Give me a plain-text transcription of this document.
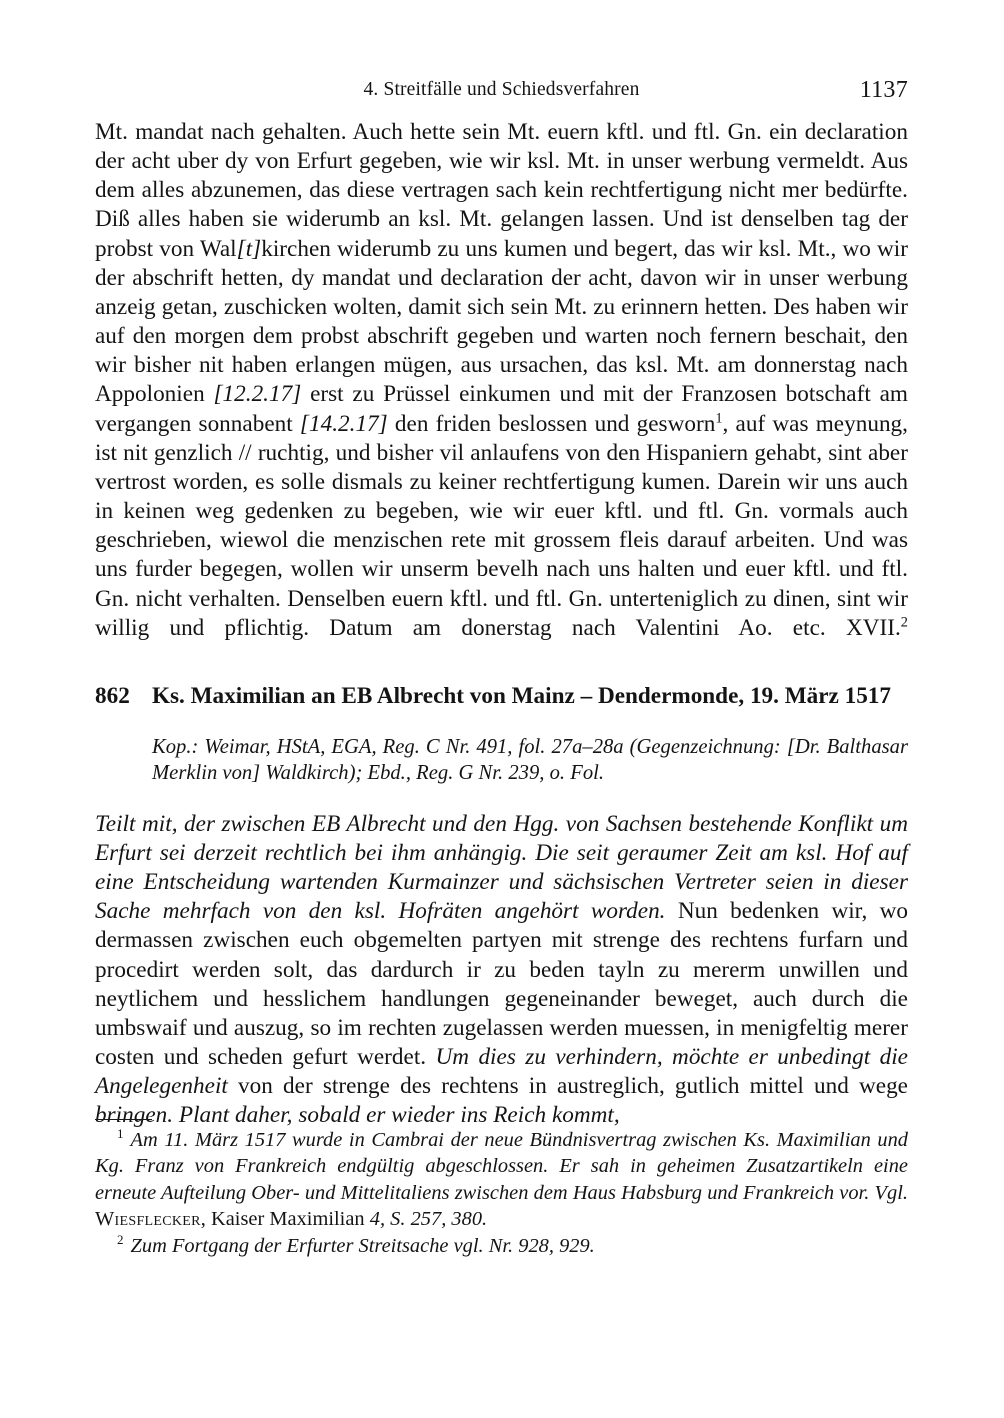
4. Streitfälle und Schiedsverfahren	1137

Mt. mandat nach gehalten. Auch hette sein Mt. euern kftl. und ftl. Gn. ein declaration der acht uber dy von Erfurt gegeben, wie wir ksl. Mt. in unser werbung vermeldt. Aus dem alles abzunemen, das diese vertragen sach kein rechtfertigung nicht mer bedürfte. Diß alles haben sie widerumb an ksl. Mt. gelangen lassen. Und ist denselben tag der probst von Wal[t]kirchen widerumb zu uns kumen und begert, das wir ksl. Mt., wo wir der abschrift hetten, dy mandat und declaration der acht, davon wir in unser werbung anzeig getan, zuschicken wolten, damit sich sein Mt. zu erinnern hetten. Des haben wir auf den morgen dem probst abschrift gegeben und warten noch fernern beschait, den wir bisher nit haben erlangen mügen, aus ursachen, das ksl. Mt. am donnerstag nach Appolonien [12.2.17] erst zu Prüssel einkumen und mit der Franzosen botschaft am vergangen sonnabent [14.2.17] den friden beslossen und gesworn$^1$, auf was meynung, ist nit genzlich // ruchtig, und bisher vil anlaufens von den Hispaniern gehabt, sint aber vertrost worden, es solle dismals zu keiner rechtfertigung kumen. Darein wir uns auch in keinen weg gedenken zu begeben, wie wir euer kftl. und ftl. Gn. vormals auch geschrieben, wiewol die menzischen rete mit grossem fleis darauf arbeiten. Und was uns furder begegen, wollen wir unserm bevelh nach uns halten und euer kftl. und ftl. Gn. nicht verhalten. Denselben euern kftl. und ftl. Gn. unterteniglich zu dinen, sint wir willig und pflichtig. Datum am donerstag nach Valentini Ao. etc. XVII.$^2$

862 Ks. Maximilian an EB Albrecht von Mainz – Dendermonde, 19. März 1517

Kop.: Weimar, HStA, EGA, Reg. C Nr. 491, fol. 27a–28a (Gegenzeichnung: [Dr. Balthasar Merklin von] Waldkirch); Ebd., Reg. G Nr. 239, o. Fol.

Teilt mit, der zwischen EB Albrecht und den Hgg. von Sachsen bestehende Konflikt um Erfurt sei derzeit rechtlich bei ihm anhängig. Die seit geraumer Zeit am ksl. Hof auf eine Entscheidung wartenden Kurmainzer und sächsischen Vertreter seien in dieser Sache mehrfach von den ksl. Hofräten angehört worden. Nun bedenken wir, wo dermassen zwischen euch obgemelten partyen mit strenge des rechtens furfarn und procedirt werden solt, das dardurch ir zu beden tayln zu mererm unwillen und neytlichem und hesslichem handlungen gegeneinander beweget, auch durch die umbswaif und auszug, so im rechten zugelassen werden muessen, in menigfeltig merer costen und scheden gefurt werdet. Um dies zu verhindern, möchte er unbedingt die Angelegenheit von der strenge des rechtens in austreglich, gutlich mittel und wege bringen. Plant daher, sobald er wieder ins Reich kommt,

$^1$ Am 11. März 1517 wurde in Cambrai der neue Bündnisvertrag zwischen Ks. Maximilian und Kg. Franz von Frankreich endgültig abgeschlossen. Er sah in geheimen Zusatzartikeln eine erneute Aufteilung Ober- und Mittelitaliens zwischen dem Haus Habsburg und Frankreich vor. Vgl. Wiesflecker, Kaiser Maximilian 4, S. 257, 380.

$^2$ Zum Fortgang der Erfurter Streitsache vgl. Nr. 928, 929.
